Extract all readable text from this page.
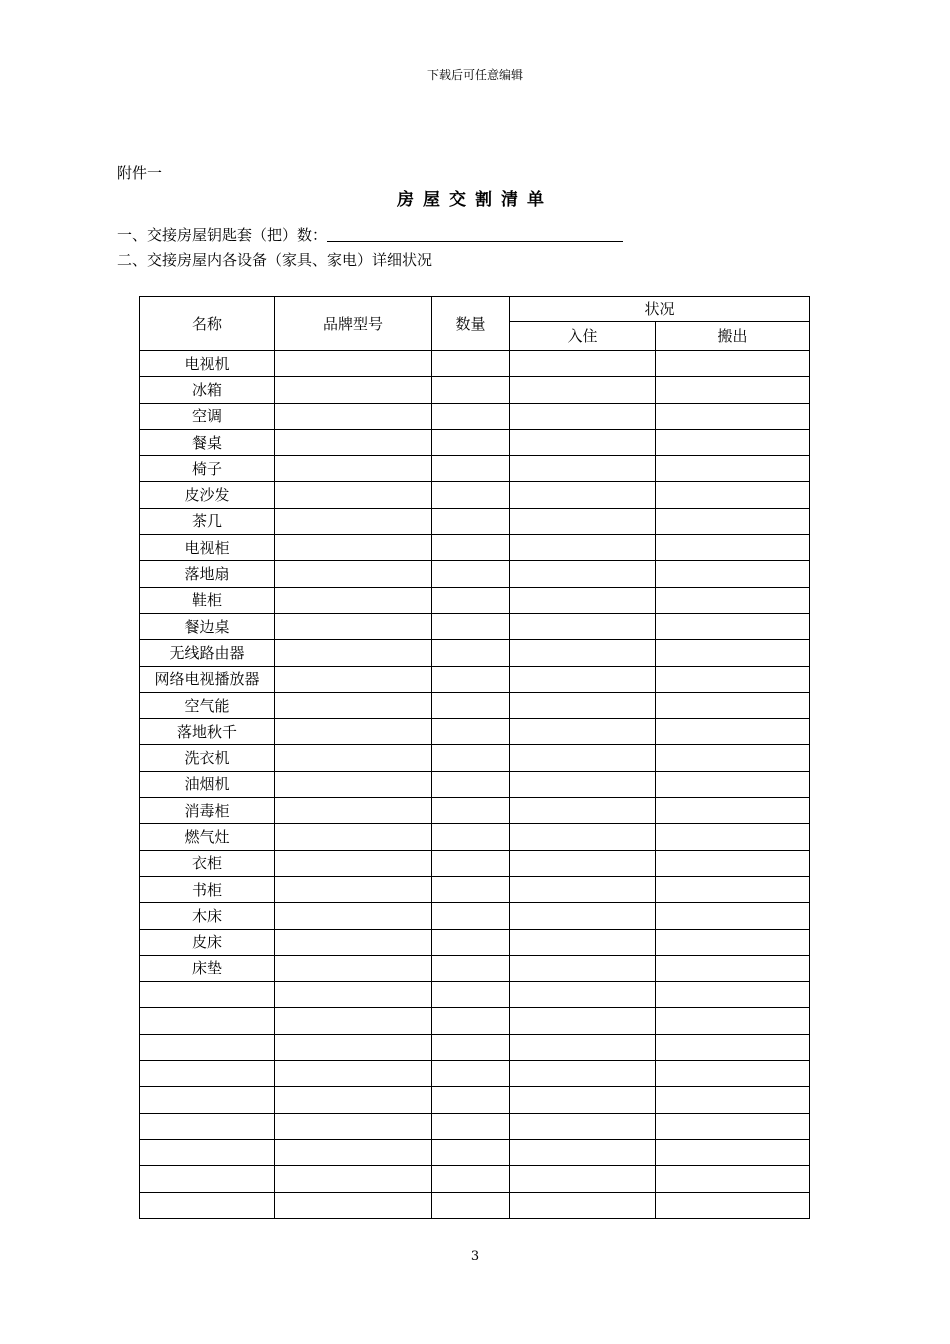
下载后可任意编辑
附件一
房屋交割清单
一、交接房屋钥匙套（把）数：
二、交接房屋内各设备（家具、家电）详细状况
名称	品牌型号	数量	状况	
			入住	搬出
电视机				
冰箱				
空调				
餐桌				
椅子				
皮沙发				
茶几				
电视柜				
落地扇				
鞋柜				
餐边桌				
无线路由器				
网络电视播放器				
空气能				
落地秋千				
洗衣机				
油烟机				
消毒柜				
燃气灶				
衣柜				
书柜				
木床				
皮床				
床垫				

3
